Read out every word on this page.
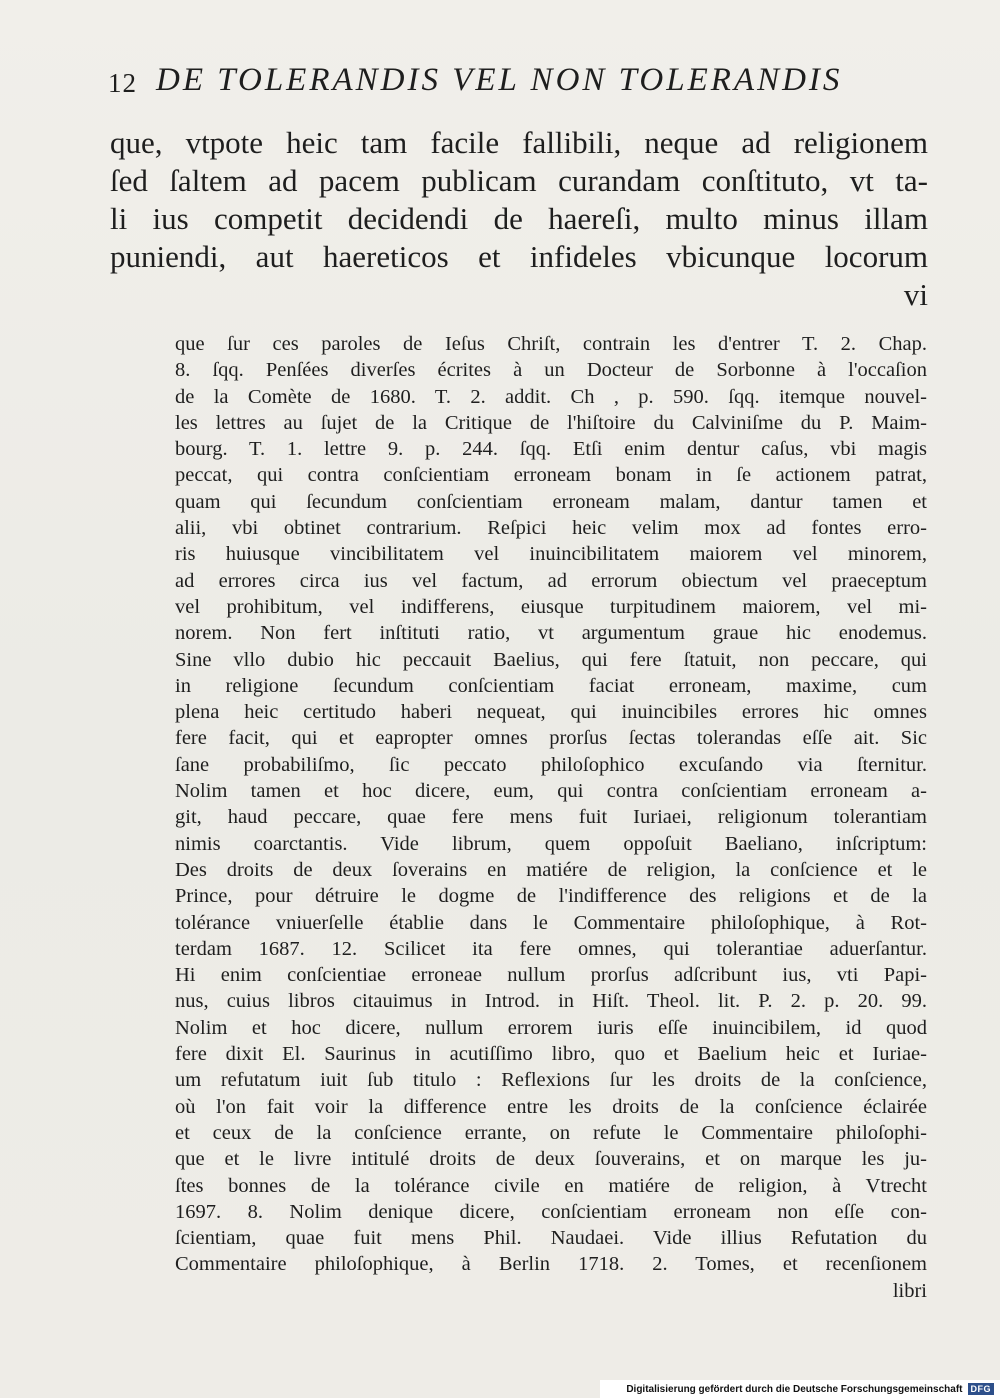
12 DE TOLERANDIS VEL NON TOLERANDIS
que, vtpote heic tam facile fallibili, neque ad religionem
ſed ſaltem ad pacem publicam curandam conſtituto, vt ta-
li ius competit decidendi de haereſi, multo minus illam
puniendi, aut haereticos et infideles vbicunque locorum
vi
que ſur ces paroles de Ieſus Chriſt, contrain les d'entrer T. 2. Chap.
8. ſqq. Penſées diverſes écrites à un Docteur de Sorbonne à l'occaſion
de la Comète de 1680. T. 2. addit. Ch , p. 590. ſqq. itemque nouvel-
les lettres au ſujet de la Critique de l'hiſtoire du Calviniſme du P. Maim-
bourg. T. 1. lettre 9. p. 244. ſqq. Etſi enim dentur caſus, vbi magis
peccat, qui contra conſcientiam erroneam bonam in ſe actionem patrat,
quam qui ſecundum conſcientiam erroneam malam, dantur tamen et
alii, vbi obtinet contrarium. Reſpici heic velim mox ad fontes erro-
ris huiusque vincibilitatem vel inuincibilitatem maiorem vel minorem,
ad errores circa ius vel factum, ad errorum obiectum vel praeceptum
vel prohibitum, vel indifferens, eiusque turpitudinem maiorem, vel mi-
norem. Non fert inſtituti ratio, vt argumentum graue hic enodemus.
Sine vllo dubio hic peccauit Baelius, qui fere ſtatuit, non peccare, qui
in religione ſecundum conſcientiam faciat erroneam, maxime, cum
plena heic certitudo haberi nequeat, qui inuincibiles errores hic omnes
fere facit, qui et eapropter omnes prorſus ſectas tolerandas eſſe ait. Sic
ſane probabiliſmo, ſic peccato philoſophico excuſando via ſternitur.
Nolim tamen et hoc dicere, eum, qui contra conſcientiam erroneam a-
git, haud peccare, quae fere mens fuit Iuriaei, religionum tolerantiam
nimis coarctantis. Vide librum, quem oppoſuit Baeliano, inſcriptum:
Des droits de deux ſoverains en matiére de religion, la conſcience et le
Prince, pour détruire le dogme de l'indifference des religions et de la
tolérance vniuerſelle établie dans le Commentaire philoſophique, à Rot-
terdam 1687. 12. Scilicet ita fere omnes, qui tolerantiae aduerſantur.
Hi enim conſcientiae erroneae nullum prorſus adſcribunt ius, vti Papi-
nus, cuius libros citauimus in Introd. in Hiſt. Theol. lit. P. 2. p. 20. 99.
Nolim et hoc dicere, nullum errorem iuris eſſe inuincibilem, id quod
fere dixit El. Saurinus in acutiſſimo libro, quo et Baelium heic et Iuriae-
um refutatum iuit ſub titulo : Reflexions ſur les droits de la conſcience,
où l'on fait voir la difference entre les droits de la conſcience éclairée
et ceux de la conſcience errante, on refute le Commentaire philoſophi-
que et le livre intitulé droits de deux ſouverains, et on marque les ju-
ſtes bonnes de la tolérance civile en matiére de religion, à Vtrecht
1697. 8. Nolim denique dicere, conſcientiam erroneam non eſſe con-
ſcientiam, quae fuit mens Phil. Naudaei. Vide illius Refutation du
Commentaire philoſophique, à Berlin 1718. 2. Tomes, et recenſionem
libri
Digitalisierung gefördert durch die Deutsche Forschungsgemeinschaft DFG
